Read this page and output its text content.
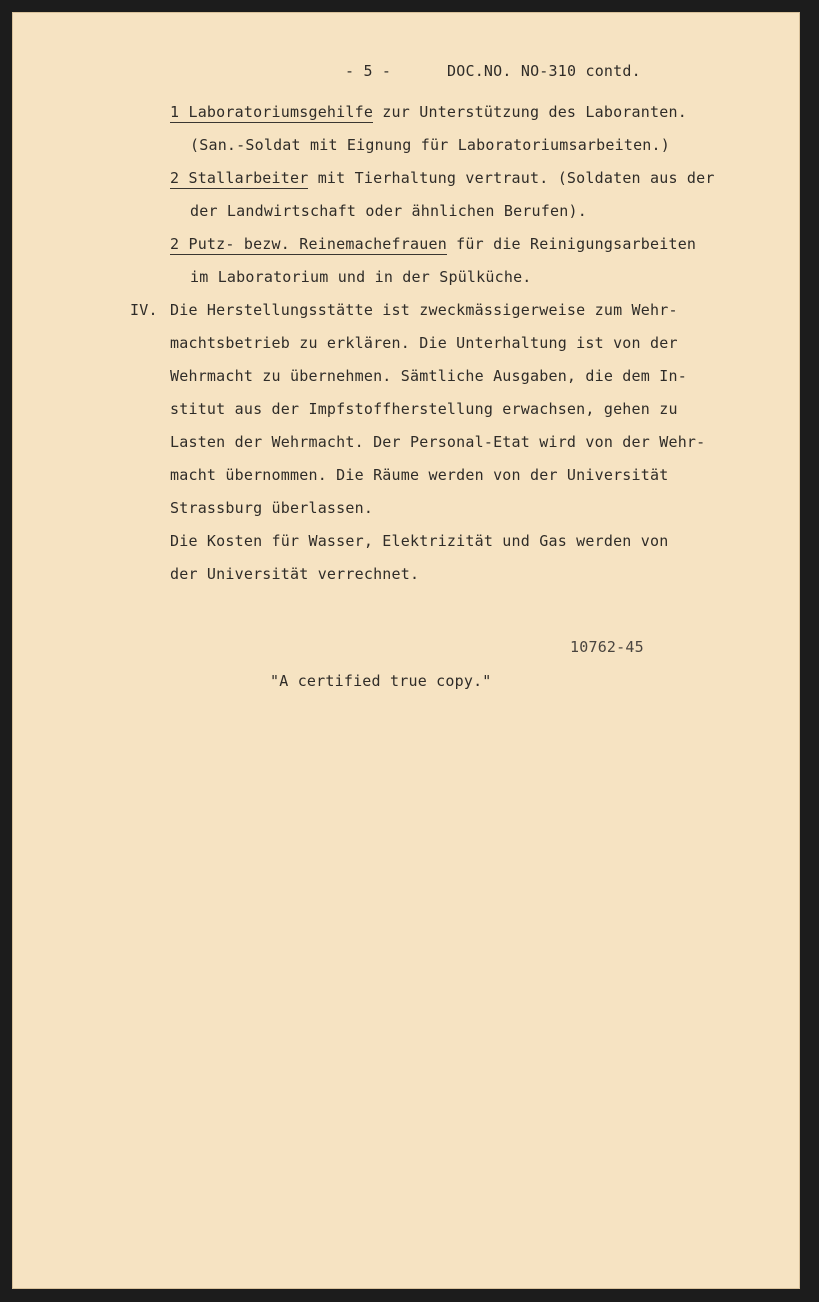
- 5 -	DOC.NO. NO-310 contd.
1 Laboratoriumsgehilfe zur Unterstützung des Laboranten.
(San.-Soldat mit Eignung für Laboratoriumsarbeiten.)
2 Stallarbeiter mit Tierhaltung vertraut. (Soldaten aus der
der Landwirtschaft oder ähnlichen Berufen).
2 Putz- bezw. Reinemachefrauen für die Reinigungsarbeiten
im Laboratorium und in der Spülküche.
IV. Die Herstellungsstätte ist zweckmässigerweise zum Wehr-
machtsbetrieb zu erklären. Die Unterhaltung ist von der
Wehrmacht zu übernehmen. Sämtliche Ausgaben, die dem In-
stitut aus der Impfstoffherstellung erwachsen, gehen zu
Lasten der Wehrmacht. Der Personal-Etat wird von der Wehr-
macht übernommen. Die Räume werden von der Universität
Strassburg überlassen.
Die Kosten für Wasser, Elektrizität und Gas werden von
der Universität verrechnet.
10762-45
"A certified true copy."
